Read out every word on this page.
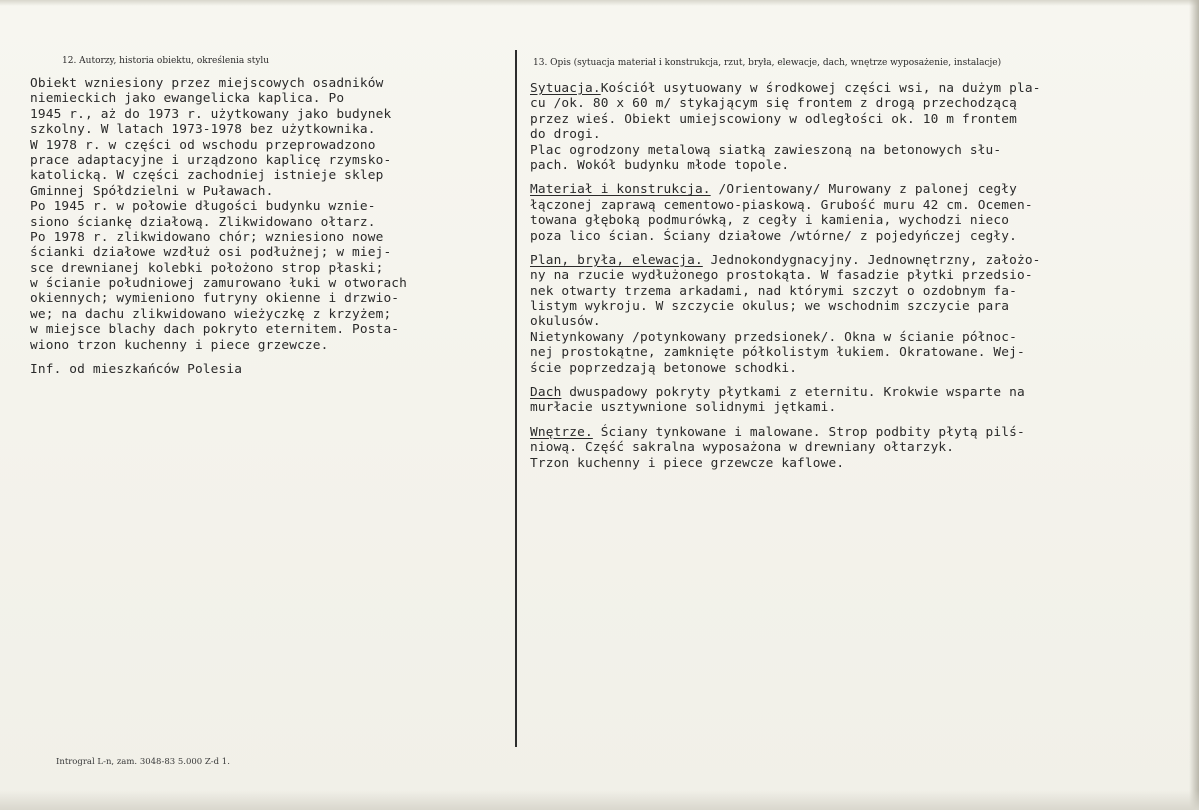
12. Autorzy, historia obiektu, określenia stylu	13. Opis (sytuacja materiał i konstrukcja, rzut, bryła, elewacje, dach, wnętrze wyposażenie, instalacje)
Obiekt wzniesiony przez miejscowych osadników
niemieckich jako ewangelicka kaplica. Po
1945 r., aż do 1973 r. użytkowany jako budynek
szkolny. W latach 1973-1978 bez użytkownika.
W 1978 r. w części od wschodu przeprowadzono
prace adaptacyjne i urządzono kaplicę rzymsko-
katolicką. W części zachodniej istnieje sklep
Gminnej Spółdzielni w Puławach.
Po 1945 r. w połowie długości budynku wznie-
siono ściankę działową. Zlikwidowano ołtarz.
Po 1978 r. zlikwidowano chór; wzniesiono nowe
ścianki działowe wzdłuż osi podłużnej; w miej-
sce drewnianej kolebki położono strop płaski;
w ścianie południowej zamurowano łuki w otworach
okiennych; wymieniono futryny okienne i drzwio-
we; na dachu zlikwidowano wieżyczkę z krzyżem;
w miejsce blachy dach pokryto eternitem. Posta-
wiono trzon kuchenny i piece grzewcze.
Inf. od mieszkańców Polesia
Sytuacja.Kościół usytuowany w środkowej części wsi, na dużym pla-
cu /ok. 80 x 60 m/ stykającym się frontem z drogą przechodzącą
przez wieś. Obiekt umiejscowiony w odległości ok. 10 m frontem
do drogi.
Plac ogrodzony metalową siatką zawieszoną na betonowych słu-
pach. Wokół budynku młode topole.
Materiał i konstrukcja. /Orientowany/ Murowany z palonej cegły
łączonej zaprawą cementowo-piaskową. Grubość muru 42 cm. Ocemen-
towana głęboką podmurówką, z cegły i kamienia, wychodzi nieco
poza lico ścian. Ściany działowe /wtórne/ z pojedyńczej cegły.
Plan, bryła, elewacja. Jednokondygnacyjny. Jednownętrzny, założo-
ny na rzucie wydłużonego prostokąta. W fasadzie płytki przedsio-
nek otwarty trzema arkadami, nad którymi szczyt o ozdobnym fa-
listym wykroju. W szczycie okulus; we wschodnim szczycie para
okulusów.
Nietynkowany /potynkowany przedsionek/. Okna w ścianie północ-
nej prostokątne, zamknięte półkolistym łukiem. Okratowane. Wej-
ście poprzedzają betonowe schodki.
Dach dwuspadowy pokryty płytkami z eternitu. Krokwie wsparte na
murłacie usztywnione solidnymi jętkami.
Wnętrze. Ściany tynkowane i malowane. Strop podbity płytą pilś-
niową. Część sakralna wyposażona w drewniany ołtarzyk.
Trzon kuchenny i piece grzewcze kaflowe.
Introgral L-n, zam. 3048-83 5.000 Z-d 1.
